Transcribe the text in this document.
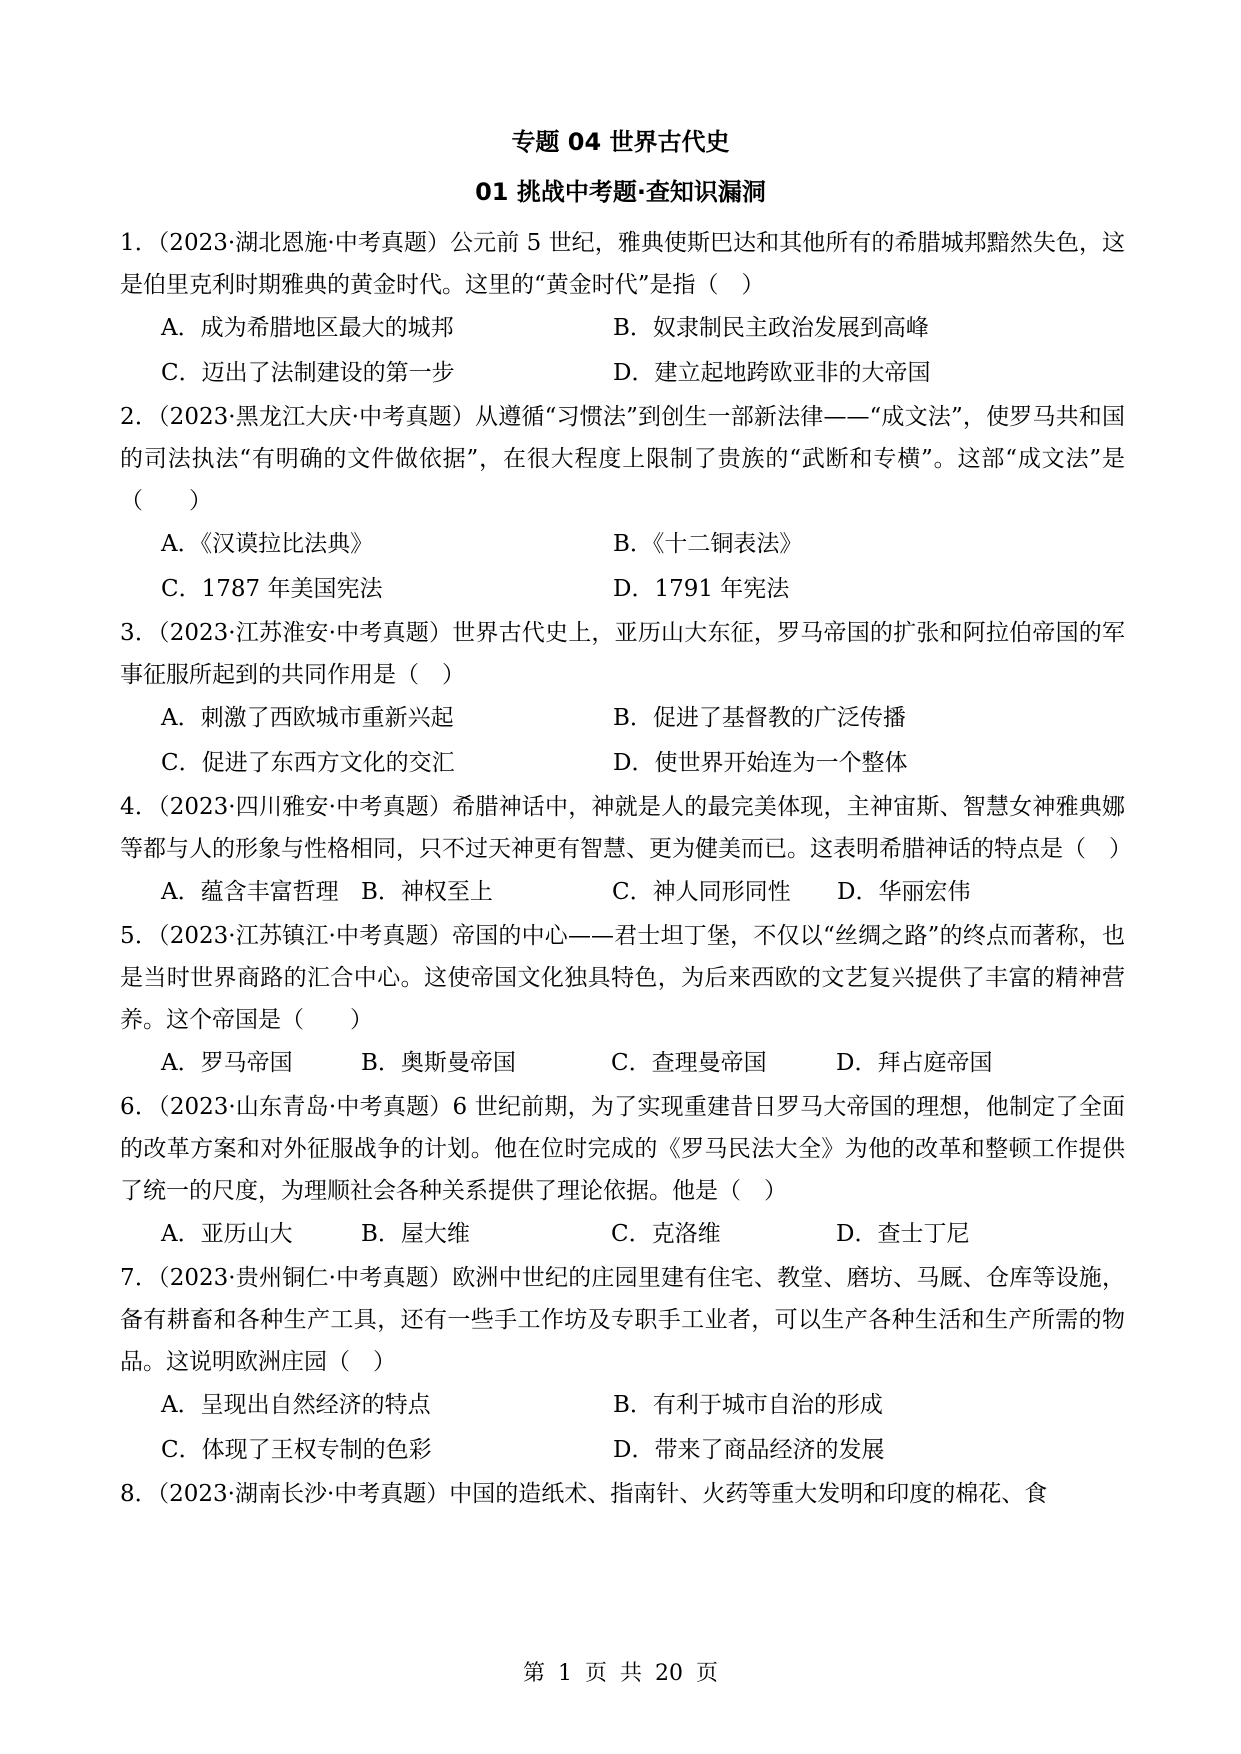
专题 04 世界古代史
01 挑战中考题·查知识漏洞

1．（2023·湖北恩施·中考真题）公元前 5 世纪，雅典使斯巴达和其他所有的希腊城邦黯然失色，这是伯里克利时期雅典的黄金时代。这里的“黄金时代”是指（　）

A．成为希腊地区最大的城邦	B．奴隶制民主政治发展到高峰
C．迈出了法制建设的第一步	D．建立起地跨欧亚非的大帝国

2．（2023·黑龙江大庆·中考真题）从遵循“习惯法”到创生一部新法律——“成文法”，使罗马共和国的司法执法“有明确的文件做依据”，在很大程度上限制了贵族的“武断和专横”。这部“成文法”是（　　）

A．《汉谟拉比法典》	B．《十二铜表法》
C．1787 年美国宪法	D．1791 年宪法

3．（2023·江苏淮安·中考真题）世界古代史上，亚历山大东征，罗马帝国的扩张和阿拉伯帝国的军事征服所起到的共同作用是（　）

A．刺激了西欧城市重新兴起	B．促进了基督教的广泛传播
C．促进了东西方文化的交汇	D．使世界开始连为一个整体

4．（2023·四川雅安·中考真题）希腊神话中，神就是人的最完美体现，主神宙斯、智慧女神雅典娜等都与人的形象与性格相同，只不过天神更有智慧、更为健美而已。这表明希腊神话的特点是（　）

A．蕴含丰富哲理 B．神权至上	C．神人同形同性	D．华丽宏伟

5．（2023·江苏镇江·中考真题）帝国的中心——君士坦丁堡，不仅以“丝绸之路”的终点而著称，也是当时世界商路的汇合中心。这使帝国文化独具特色，为后来西欧的文艺复兴提供了丰富的精神营养。这个帝国是（　　）

A．罗马帝国	B．奥斯曼帝国	C．查理曼帝国	D．拜占庭帝国

6．（2023·山东青岛·中考真题）6 世纪前期，为了实现重建昔日罗马大帝国的理想，他制定了全面的改革方案和对外征服战争的计划。他在位时完成的《罗马民法大全》为他的改革和整顿工作提供了统一的尺度，为理顺社会各种关系提供了理论依据。他是（　）

A．亚历山大	B．屋大维	C．克洛维	D．查士丁尼

7．（2023·贵州铜仁·中考真题）欧洲中世纪的庄园里建有住宅、教堂、磨坊、马厩、仓库等设施，备有耕畜和各种生产工具，还有一些手工作坊及专职手工业者，可以生产各种生活和生产所需的物品。这说明欧洲庄园（　）

A．呈现出自然经济的特点	B．有利于城市自治的形成
C．体现了王权专制的色彩	D．带来了商品经济的发展

8．（2023·湖南长沙·中考真题）中国的造纸术、指南针、火药等重大发明和印度的棉花、食

第 1 页 共 20 页
